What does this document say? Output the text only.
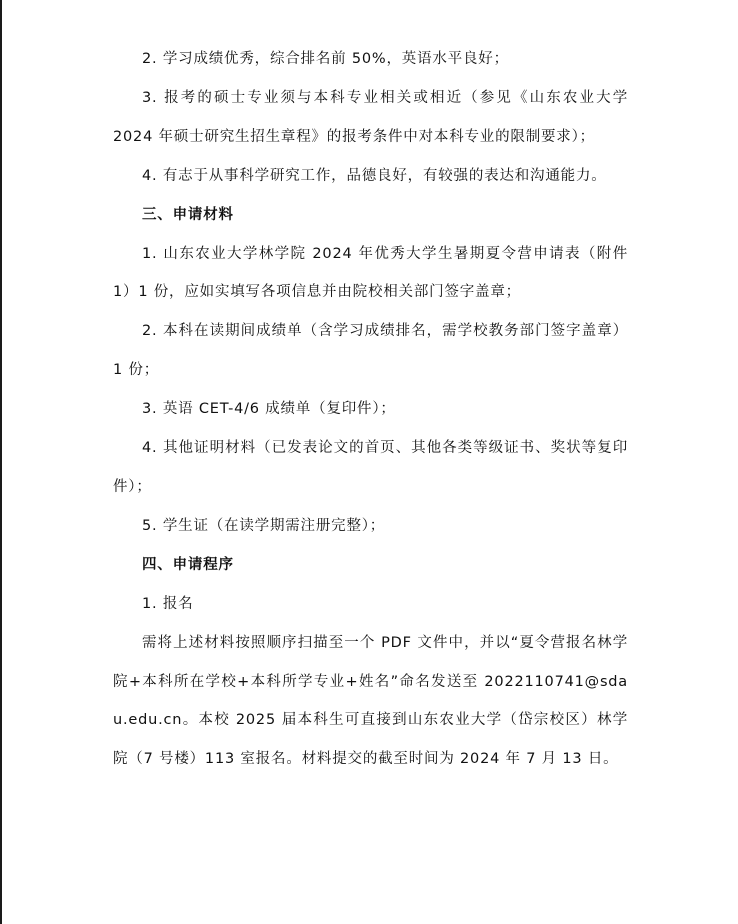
2. 学习成绩优秀，综合排名前 50%，英语水平良好；

3. 报考的硕士专业须与本科专业相关或相近（参见《山东农业大学 2024 年硕士研究生招生章程》的报考条件中对本科专业的限制要求）；

4. 有志于从事科学研究工作，品德良好，有较强的表达和沟通能力。

三、申请材料

1. 山东农业大学林学院 2024 年优秀大学生暑期夏令营申请表（附件 1）1 份，应如实填写各项信息并由院校相关部门签字盖章；

2. 本科在读期间成绩单（含学习成绩排名，需学校教务部门签字盖章）1 份；

3. 英语 CET-4/6 成绩单（复印件）；

4. 其他证明材料（已发表论文的首页、其他各类等级证书、奖状等复印件）；

5. 学生证（在读学期需注册完整）；

四、申请程序

1. 报名

需将上述材料按照顺序扫描至一个 PDF 文件中，并以“夏令营报名林学院+本科所在学校+本科所学专业+姓名”命名发送至 2022110741@sdau.edu.cn。本校 2025 届本科生可直接到山东农业大学（岱宗校区）林学院（7 号楼）113 室报名。材料提交的截至时间为 2024 年 7 月 13 日。
